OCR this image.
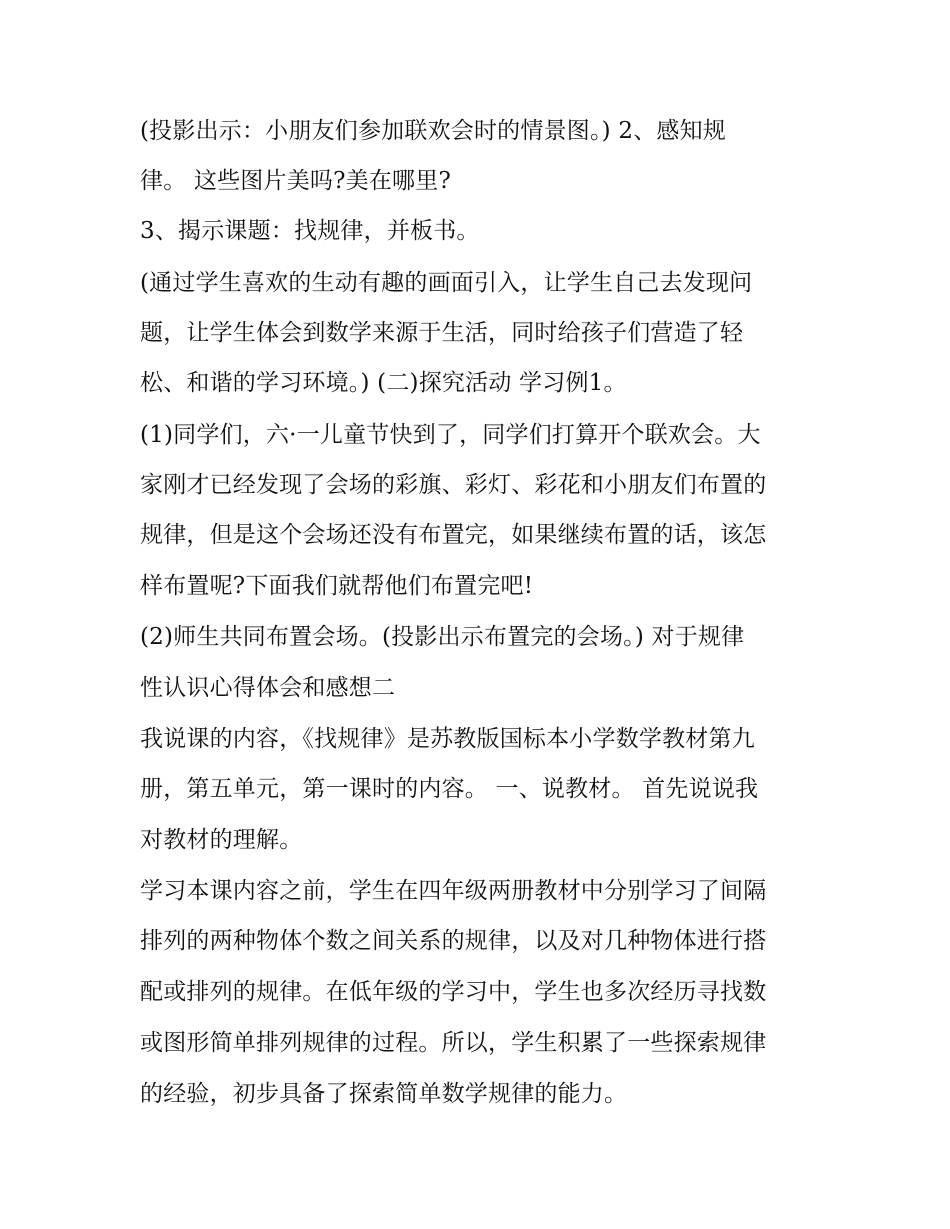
(投影出示：小朋友们参加联欢会时的情景图。) 2、感知规

律。 这些图片美吗?美在哪里?

3、揭示课题：找规律，并板书。

(通过学生喜欢的生动有趣的画面引入，让学生自己去发现问

题，让学生体会到数学来源于生活，同时给孩子们营造了轻

松、和谐的学习环境。) (二)探究活动 学习例1。

(1)同学们，六·一儿童节快到了，同学们打算开个联欢会。大

家刚才已经发现了会场的彩旗、彩灯、彩花和小朋友们布置的

规律，但是这个会场还没有布置完，如果继续布置的话，该怎

样布置呢?下面我们就帮他们布置完吧!

(2)师生共同布置会场。(投影出示布置完的会场。) 对于规律

性认识心得体会和感想二

我说课的内容，《找规律》是苏教版国标本小学数学教材第九

册，第五单元，第一课时的内容。 一、说教材。 首先说说我

对教材的理解。

学习本课内容之前，学生在四年级两册教材中分别学习了间隔

排列的两种物体个数之间关系的规律，以及对几种物体进行搭

配或排列的规律。在低年级的学习中，学生也多次经历寻找数

或图形简单排列规律的过程。所以，学生积累了一些探索规律

的经验，初步具备了探索简单数学规律的能力。
